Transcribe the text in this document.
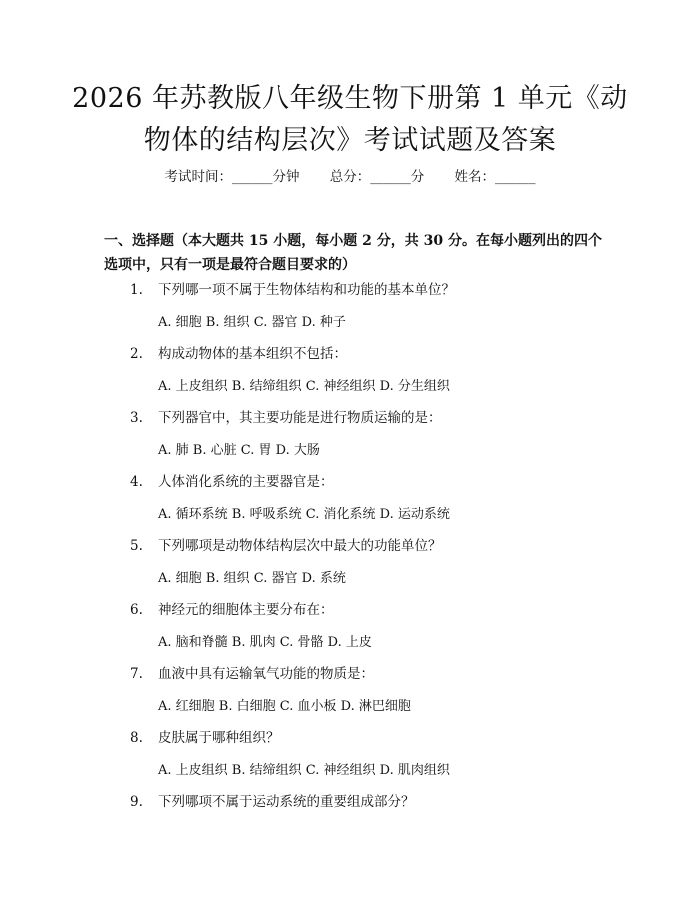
2026 年苏教版八年级生物下册第 1 单元《动
物体的结构层次》考试试题及答案
考试时间：______分钟 总分：______分 姓名：______
一、选择题（本大题共 15 小题，每小题 2 分，共 30 分。在每小题列出的四个选项中，只有一项是最符合题目要求的）
1. 下列哪一项不属于生物体结构和功能的基本单位？
A. 细胞 B. 组织 C. 器官 D. 种子
2. 构成动物体的基本组织不包括：
A. 上皮组织 B. 结缔组织 C. 神经组织 D. 分生组织
3. 下列器官中，其主要功能是进行物质运输的是：
A. 肺 B. 心脏 C. 胃 D. 大肠
4. 人体消化系统的主要器官是：
A. 循环系统 B. 呼吸系统 C. 消化系统 D. 运动系统
5. 下列哪项是动物体结构层次中最大的功能单位？
A. 细胞 B. 组织 C. 器官 D. 系统
6. 神经元的细胞体主要分布在：
A. 脑和脊髓 B. 肌肉 C. 骨骼 D. 上皮
7. 血液中具有运输氧气功能的物质是：
A. 红细胞 B. 白细胞 C. 血小板 D. 淋巴细胞
8. 皮肤属于哪种组织？
A. 上皮组织 B. 结缔组织 C. 神经组织 D. 肌肉组织
9. 下列哪项不属于运动系统的重要组成部分？
